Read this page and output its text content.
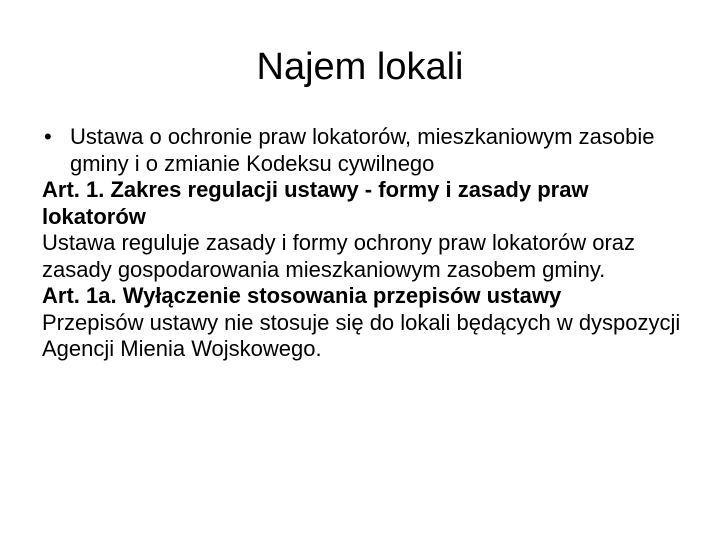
Najem lokali

• Ustawa o ochronie praw lokatorów, mieszkaniowym zasobie gminy i o zmianie Kodeksu cywilnego

Art. 1. Zakres regulacji ustawy - formy i zasady praw lokatorów

Ustawa reguluje zasady i formy ochrony praw lokatorów oraz zasady gospodarowania mieszkaniowym zasobem gminy.

Art. 1a. Wyłączenie stosowania przepisów ustawy

Przepisów ustawy nie stosuje się do lokali będących w dyspozycji Agencji Mienia Wojskowego.
